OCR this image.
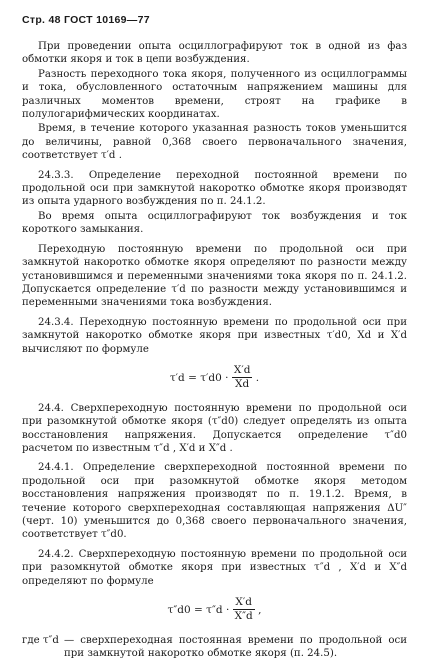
Стр. 48 ГОСТ 10169—77

При проведении опыта осциллографируют ток в одной из фаз обмотки якоря и ток в цепи возбуждения.

Разность переходного тока якоря, полученного из осциллограммы и тока, обусловленного остаточным напряжением машины для различных моментов времени, строят на графике в полулогарифмических координатах.

Время, в течение которого указанная разность токов уменьшится до величины, равной 0,368 своего первоначального значения, соответствует τ′d .

24.3.3. Определение переходной постоянной времени по продольной оси при замкнутой накоротко обмотке якоря производят из опыта ударного возбуждения по п. 24.1.2.

Во время опыта осциллографируют ток возбуждения и ток короткого замыкания.

Переходную постоянную времени по продольной оси при замкнутой накоротко обмотке якоря определяют по разности между установившимся и переменными значениями тока якоря по п. 24.1.2. Допускается определение τ′d по разности между установившимся и переменными значениями тока возбуждения.

24.3.4. Переходную постоянную времени по продольной оси при замкнутой накоротко обмотке якоря при известных τ′d0, Xd и X′d вычисляют по формуле

$\tau'd = \tau'd0 \cdot \frac{X'd}{Xd}$ .

24.4. Сверхпереходную постоянную времени по продольной оси при разомкнутой обмотке якоря (τ″d0) следует определять из опыта восстановления напряжения. Допускается определение τ″d0 расчетом по известным τ″d , X′d и X″d .

24.4.1. Определение сверхпереходной постоянной времени по продольной оси при разомкнутой обмотке якоря методом восстановления напряжения производят по п. 19.1.2. Время, в течение которого сверхпереходная составляющая напряжения ΔU″ (черт. 10) уменьшится до 0,368 своего первоначального значения, соответствует τ″d0.

24.4.2. Сверхпереходную постоянную времени по продольной оси при разомкнутой обмотке якоря при известных τ″d , X′d и X″d определяют по формуле

$\tau''d0 = \tau''d \cdot \frac{X'd}{X''d}$ ,
где τ″d — сверхпереходная постоянная времени по продольной оси при замкнутой накоротко обмотке якоря (п. 24.5).
